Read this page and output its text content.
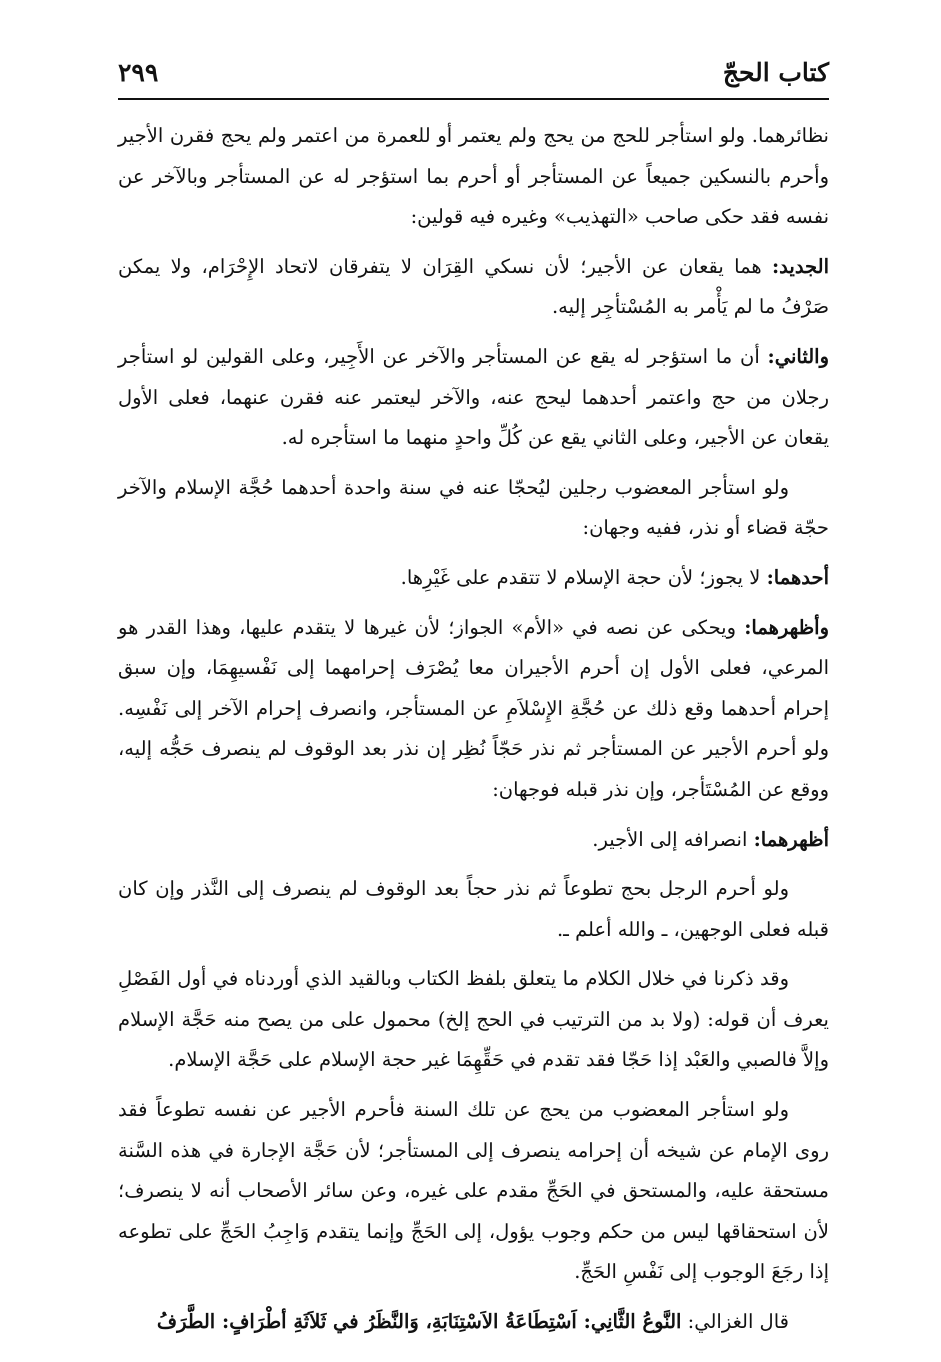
كتاب الحجّ
٢٩٩

نظائرهما. ولو استأجر للحج من يحج ولم يعتمر أو للعمرة من اعتمر ولم يحج فقرن الأجير وأحرم بالنسكين جميعاً عن المستأجر أو أحرم بما استؤجر له عن المستأجر وبالآخر عن نفسه فقد حكى صاحب «التهذيب» وغيره فيه قولين:

الجديد: هما يقعان عن الأجير؛ لأن نسكي القِرَان لا يتفرقان لاتحاد الإِحْرَام، ولا يمكن صَرْفُ ما لم يَأْمر به المُسْتأجِر إليه.

والثاني: أن ما استؤجر له يقع عن المستأجر والآخر عن الأَجِير، وعلى القولين لو استأجر رجلان من حج واعتمر أحدهما ليحج عنه، والآخر ليعتمر عنه فقرن عنهما، فعلى الأول يقعان عن الأجير، وعلى الثاني يقع عن كُلِّ واحدٍ منهما ما استأجره له.

ولو استأجر المعضوب رجلين ليُحجّا عنه في سنة واحدة أحدهما حُجَّة الإسلام والآخر حجّة قضاء أو نذر، ففيه وجهان:

أحدهما: لا يجوز؛ لأن حجة الإسلام لا تتقدم على غَيْرِها.

وأظهرهما: ويحكى عن نصه في «الأم» الجواز؛ لأن غيرها لا يتقدم عليها، وهذا القدر هو المرعي، فعلى الأول إن أحرم الأجيران معا يُصْرَف إحرامهما إلى نَفْسيهِمَا، وإن سبق إحرام أحدهما وقع ذلك عن حُجَّةِ الإِسْلاَمِ عن المستأجر، وانصرف إحرام الآخر إلى نَفْسِه. ولو أحرم الأجير عن المستأجر ثم نذر حَجّاً نُظِر إن نذر بعد الوقوف لم ينصرف حَجُّه إليه، ووقع عن المُسْتَأجر، وإن نذر قبله فوجهان:

أظهرهما: انصرافه إلى الأجير.

ولو أحرم الرجل بحج تطوعاً ثم نذر حجاً بعد الوقوف لم ينصرف إلى النَّذر وإن كان قبله فعلى الوجهين، ـ والله أعلم ـ.

وقد ذكرنا في خلال الكلام ما يتعلق بلفظ الكتاب وبالقيد الذي أوردناه في أول الفَصْلِ يعرف أن قوله: (ولا بد من الترتيب في الحج إلخ) محمول على من يصح منه حَجَّة الإسلام وإلاَّ فالصبي والعَبْد إذا حَجّا فقد تقدم في حَقِّهِمَا غير حجة الإسلام على حَجَّة الإسلام.

ولو استأجر المعضوب من يحج عن تلك السنة فأحرم الأجير عن نفسه تطوعاً فقد روى الإمام عن شيخه أن إحرامه ينصرف إلى المستأجر؛ لأن حَجَّة الإجارة في هذه السَّنة مستحقة عليه، والمستحق في الحَجِّ مقدم على غيره، وعن سائر الأصحاب أنه لا ينصرف؛ لأن استحقاقها ليس من حكم وجوب يؤول، إلى الحَجِّ وإنما يتقدم وَاجِبُ الحَجِّ على تطوعه إذا رجَعَ الوجوب إلى نَفْسِ الحَجِّ.

قال الغزالي: النَّوعُ الثَّانِي: اَسْتِطَاعَةُ الاَسْتِنَابَةِ، وَالنَّظَرُ في ثَلاَثَةِ أطْرَافٍ: الطَّرَفُ
